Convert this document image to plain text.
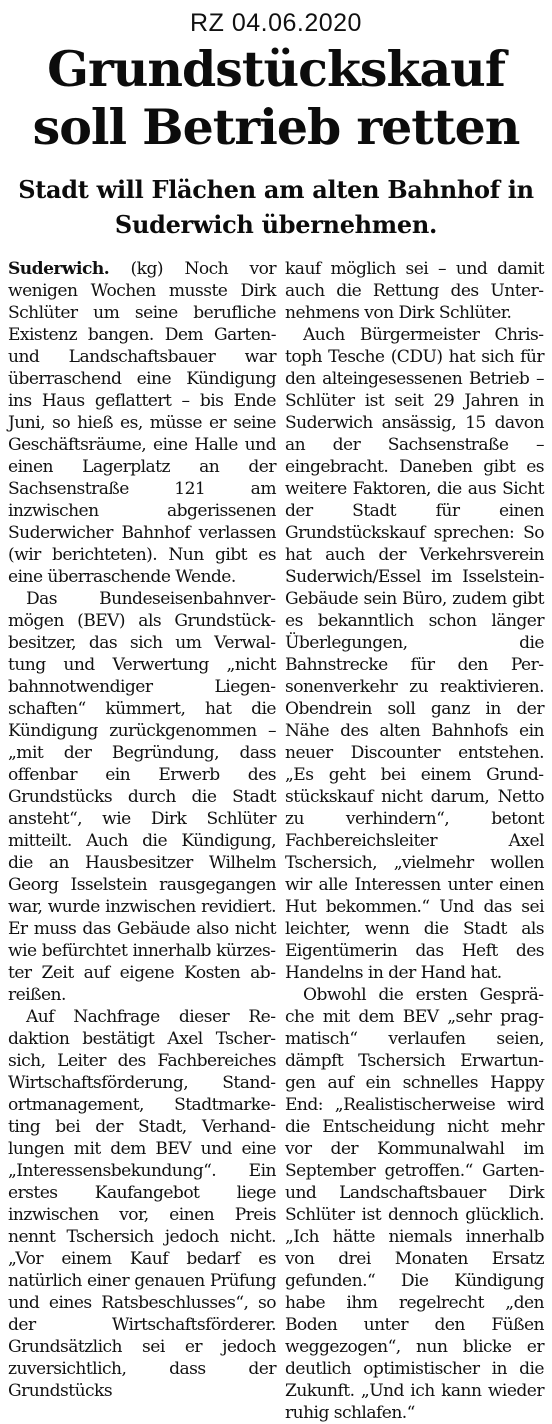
RZ 04.06.2020
Grundstückskauf soll Betrieb retten
Stadt will Flächen am alten Bahnhof in Suderwich übernehmen.

Suderwich. (kg) Noch vor wenigen Wochen musste Dirk Schlüter um seine berufliche Existenz bangen. Dem Garten- und Landschaftsbauer war überraschend eine Kündigung ins Haus geflattert – bis Ende Juni, so hieß es, müsse er seine Geschäftsräume, eine Halle und einen Lagerplatz an der Sachsenstraße 121 am inzwischen abgerissenen Suderwicher Bahnhof verlassen (wir berichteten). Nun gibt es eine überraschende Wende.

Das Bundeseisenbahnvermögen (BEV) als Grundstückbesitzer, das sich um Verwaltung und Verwertung „nicht bahnnotwendiger Liegenschaften“ kümmert, hat die Kündigung zurückgenommen – „mit der Begründung, dass offenbar ein Erwerb des Grundstücks durch die Stadt ansteht“, wie Dirk Schlüter mitteilt. Auch die Kündigung, die an Hausbesitzer Wilhelm Georg Isselstein rausgegangen war, wurde inzwischen revidiert. Er muss das Gebäude also nicht wie befürchtet innerhalb kürzester Zeit auf eigene Kosten abreißen.

Auf Nachfrage dieser Redaktion bestätigt Axel Tschersich, Leiter des Fachbereiches Wirtschaftsförderung, Standortmanagement, Stadtmarketing bei der Stadt, Verhandlungen mit dem BEV und eine „Interessensbekundung“. Ein erstes Kaufangebot liege inzwischen vor, einen Preis nennt Tschersich jedoch nicht. „Vor einem Kauf bedarf es natürlich einer genauen Prüfung und eines Ratsbeschlusses“, so der Wirtschaftsförderer. Grundsätzlich sei er jedoch zuversichtlich, dass der Grundstücks

kauf möglich sei – und damit auch die Rettung des Unternehmens von Dirk Schlüter.

Auch Bürgermeister Christoph Tesche (CDU) hat sich für den alteingesessenen Betrieb – Schlüter ist seit 29 Jahren in Suderwich ansässig, 15 davon an der Sachsenstraße – eingebracht. Daneben gibt es weitere Faktoren, die aus Sicht der Stadt für einen Grundstückskauf sprechen: So hat auch der Verkehrsverein Suderwich/Essel im Isselstein-Gebäude sein Büro, zudem gibt es bekanntlich schon länger Überlegungen, die Bahnstrecke für den Personenverkehr zu reaktivieren. Obendrein soll ganz in der Nähe des alten Bahnhofs ein neuer Discounter entstehen. „Es geht bei einem Grundstückskauf nicht darum, Netto zu verhindern“, betont Fachbereichsleiter Axel Tschersich, „vielmehr wollen wir alle Interessen unter einen Hut bekommen.“ Und das sei leichter, wenn die Stadt als Eigentümerin das Heft des Handelns in der Hand hat.

Obwohl die ersten Gespräche mit dem BEV „sehr pragmatisch“ verlaufen seien, dämpft Tschersich Erwartungen auf ein schnelles Happy End: „Realistischerweise wird die Entscheidung nicht mehr vor der Kommunalwahl im September getroffen.“ Garten- und Landschaftsbauer Dirk Schlüter ist dennoch glücklich. „Ich hätte niemals innerhalb von drei Monaten Ersatz gefunden.“ Die Kündigung habe ihm regelrecht „den Boden unter den Füßen weggezogen“, nun blicke er deutlich optimistischer in die Zukunft. „Und ich kann wieder ruhig schlafen.“
